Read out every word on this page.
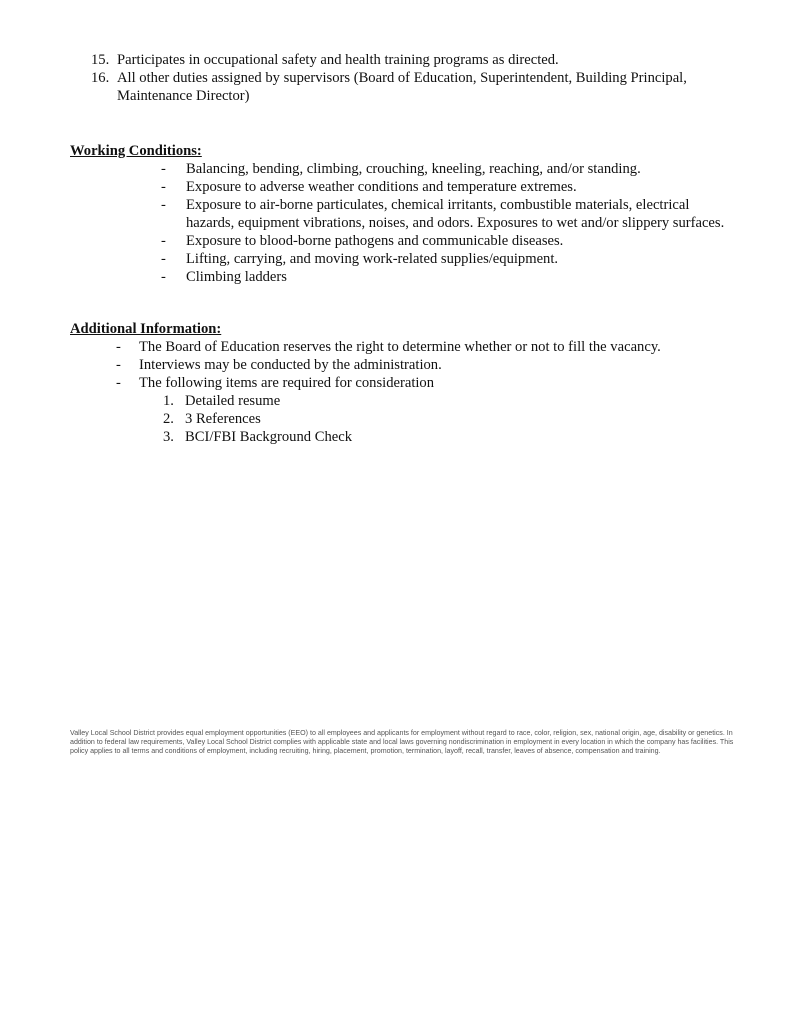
15. Participates in occupational safety and health training programs as directed.
16. All other duties assigned by supervisors (Board of Education, Superintendent, Building Principal, Maintenance Director)
Working Conditions:
- Balancing, bending, climbing, crouching, kneeling, reaching, and/or standing.
- Exposure to adverse weather conditions and temperature extremes.
- Exposure to air-borne particulates, chemical irritants, combustible materials, electrical hazards, equipment vibrations, noises, and odors. Exposures to wet and/or slippery surfaces.
- Exposure to blood-borne pathogens and communicable diseases.
- Lifting, carrying, and moving work-related supplies/equipment.
- Climbing ladders
Additional Information:
- The Board of Education reserves the right to determine whether or not to fill the vacancy.
- Interviews may be conducted by the administration.
- The following items are required for consideration
1. Detailed resume
2. 3 References
3. BCI/FBI Background Check

Valley Local School District provides equal employment opportunities (EEO) to all employees and applicants for employment without regard to race, color, religion, sex, national origin, age, disability or genetics. In addition to federal law requirements, Valley Local School District complies with applicable state and local laws governing nondiscrimination in employment in every location in which the company has facilities. This policy applies to all terms and conditions of employment, including recruiting, hiring, placement, promotion, termination, layoff, recall, transfer, leaves of absence, compensation and training.
